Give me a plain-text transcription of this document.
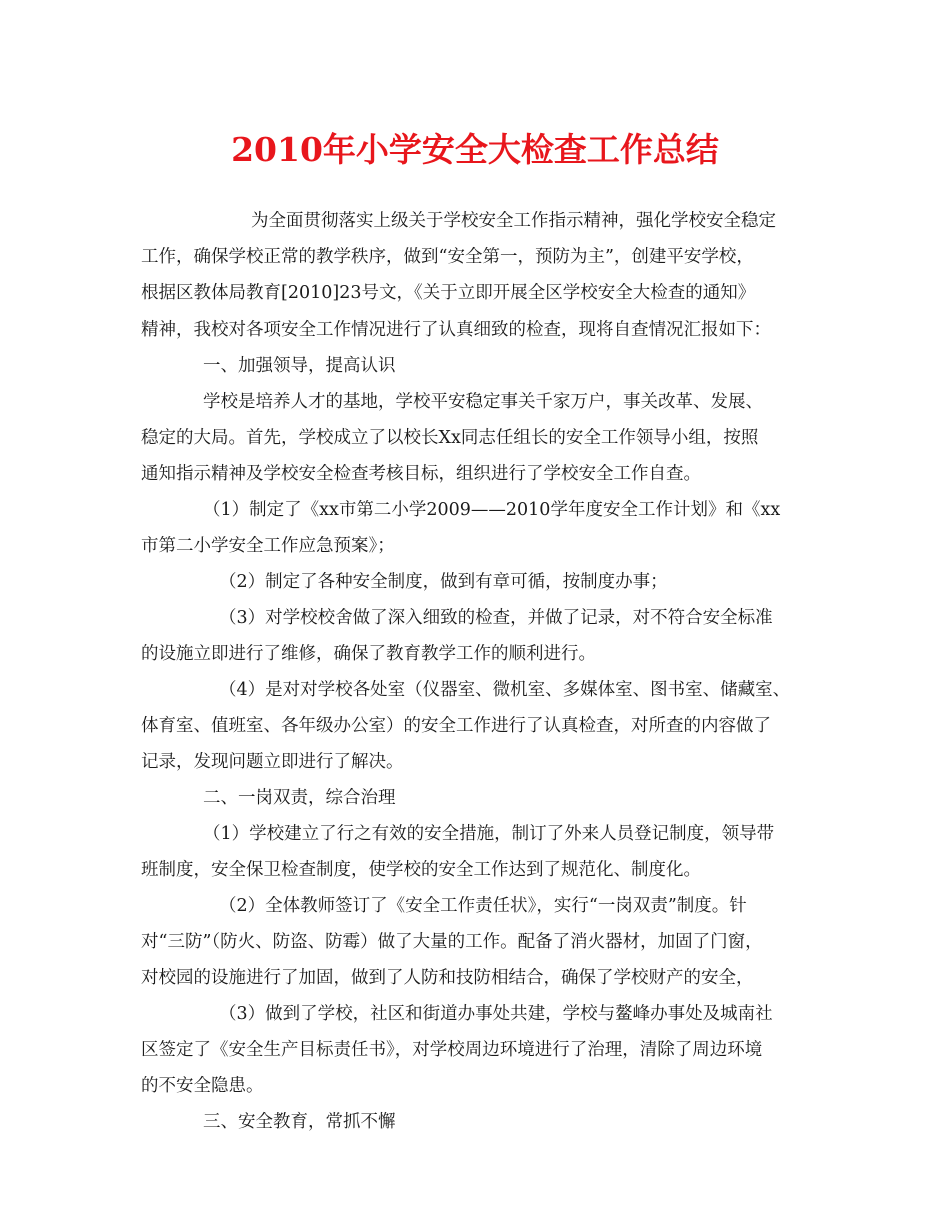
2010年小学安全大检查工作总结
为全面贯彻落实上级关于学校安全工作指示精神，强化学校安全稳定
工作，确保学校正常的教学秩序，做到“安全第一，预防为主”，创建平安学校，
根据区教体局教育[2010]23号文，《关于立即开展全区学校安全大检查的通知》
精神，我校对各项安全工作情况进行了认真细致的检查，现将自查情况汇报如下：
一、加强领导，提高认识
学校是培养人才的基地，学校平安稳定事关千家万户，事关改革、发展、
稳定的大局。首先，学校成立了以校长Xx同志任组长的安全工作领导小组，按照
通知指示精神及学校安全检查考核目标，组织进行了学校安全工作自查。
（1）制定了《xx市第二小学2009——2010学年度安全工作计划》和《xx
市第二小学安全工作应急预案》；
（2）制定了各种安全制度，做到有章可循，按制度办事；
（3）对学校校舍做了深入细致的检查，并做了记录，对不符合安全标准
的设施立即进行了维修，确保了教育教学工作的顺利进行。
（4）是对对学校各处室（仪器室、微机室、多媒体室、图书室、储藏室、
体育室、值班室、各年级办公室）的安全工作进行了认真检查，对所查的内容做了
记录，发现问题立即进行了解决。
二、一岗双责，综合治理
（1）学校建立了行之有效的安全措施，制订了外来人员登记制度，领导带
班制度，安全保卫检查制度，使学校的安全工作达到了规范化、制度化。
（2）全体教师签订了《安全工作责任状》，实行“一岗双责”制度。针
对“三防”（防火、防盗、防霉）做了大量的工作。配备了消火器材，加固了门窗，
对校园的设施进行了加固，做到了人防和技防相结合，确保了学校财产的安全，
（3）做到了学校，社区和街道办事处共建，学校与鳌峰办事处及城南社
区签定了《安全生产目标责任书》，对学校周边环境进行了治理，清除了周边环境
的不安全隐患。
三、安全教育，常抓不懈
